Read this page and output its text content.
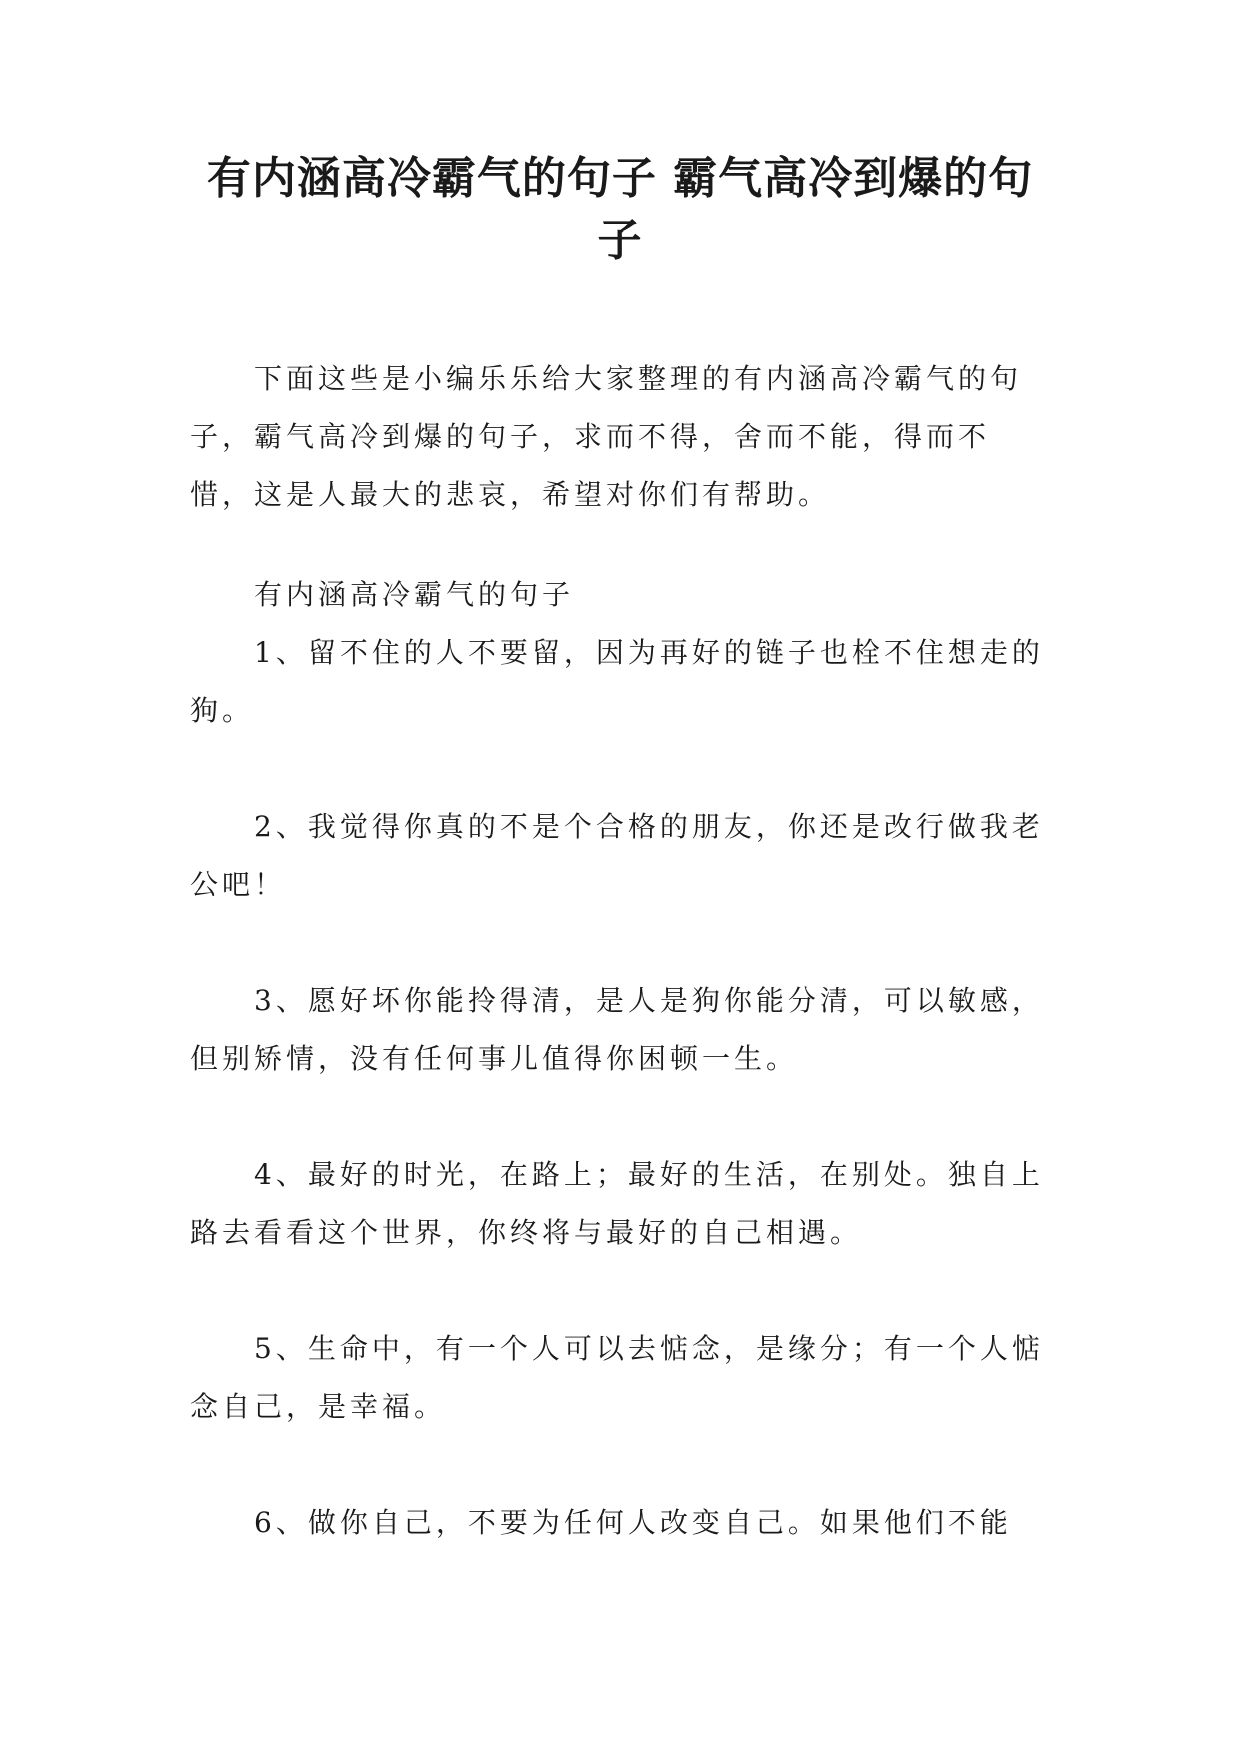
有内涵高冷霸气的句子 霸气高冷到爆的句子

下面这些是小编乐乐给大家整理的有内涵高冷霸气的句子，霸气高冷到爆的句子，求而不得，舍而不能，得而不惜，这是人最大的悲哀，希望对你们有帮助。

有内涵高冷霸气的句子

1、留不住的人不要留，因为再好的链子也栓不住想走的狗。

2、我觉得你真的不是个合格的朋友，你还是改行做我老公吧！

3、愿好坏你能拎得清，是人是狗你能分清，可以敏感，但别矫情，没有任何事儿值得你困顿一生。

4、最好的时光，在路上；最好的生活，在别处。独自上路去看看这个世界，你终将与最好的自己相遇。

5、生命中，有一个人可以去惦念，是缘分；有一个人惦念自己，是幸福。

6、做你自己，不要为任何人改变自己。如果他们不能
